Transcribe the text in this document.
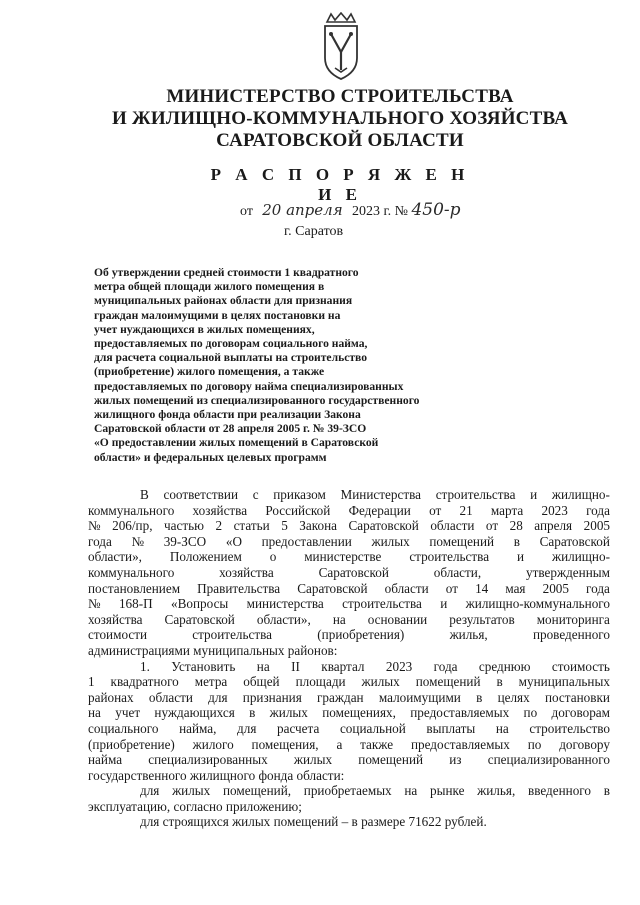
МИНИСТЕРСТВО СТРОИТЕЛЬСТВА
И ЖИЛИЩНО-КОММУНАЛЬНОГО ХОЗЯЙСТВА
САРАТОВСКОЙ ОБЛАСТИ
Р А С П О Р Я Ж Е Н И Е
от 20 апреля 2023 г. № 450-р
г. Саратов
Об утверждении средней стоимости 1 квадратного
метра общей площади жилого помещения в
муниципальных районах области для признания
граждан малоимущими в целях постановки на
учет нуждающихся в жилых помещениях,
предоставляемых по договорам социального найма,
для расчета социальной выплаты на строительство
(приобретение) жилого помещения, а также
предоставляемых по договору найма специализированных
жилых помещений из специализированного государственного
жилищного фонда области при реализации Закона
Саратовской области от 28 апреля 2005 г. № 39-ЗСО
«О предоставлении жилых помещений в Саратовской
области» и федеральных целевых программ
В соответствии с приказом Министерства строительства и жилищно-
коммунального хозяйства Российской Федерации от 21 марта 2023 года
№ 206/пр, частью 2 статьи 5 Закона Саратовской области от 28 апреля 2005
года № 39-ЗСО «О предоставлении жилых помещений в Саратовской
области», Положением о министерстве строительства и жилищно-
коммунального	хозяйства	Саратовской	области,	утвержденным
постановлением Правительства Саратовской области от 14 мая 2005 года
№ 168-П «Вопросы министерства строительства и жилищно-коммунального
хозяйства Саратовской области», на основании результатов мониторинга
стоимости	строительства	(приобретения)	жилья,	проведенного
администрациями муниципальных районов:
1. Установить на II квартал 2023 года среднюю стоимость
1 квадратного метра общей площади жилых помещений в муниципальных
районах области для признания граждан малоимущими в целях постановки
на учет нуждающихся в жилых помещениях, предоставляемых по договорам
социального найма, для расчета социальной выплаты на строительство
(приобретение) жилого помещения, а также предоставляемых по договору
найма специализированных жилых помещений из специализированного
государственного жилищного фонда области:
для жилых помещений, приобретаемых на рынке жилья, введенного в
эксплуатацию, согласно приложению;
для строящихся жилых помещений – в размере 71622 рублей.
